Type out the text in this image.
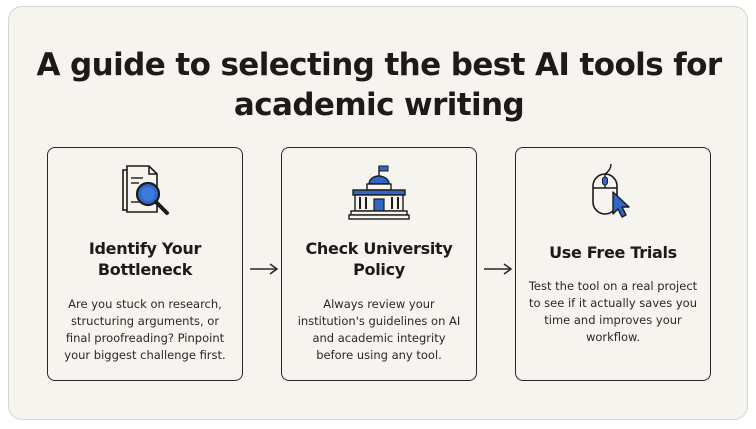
A guide to selecting the best AI tools for academic writing
Identify Your Bottleneck

Are you stuck on research, structuring arguments, or final proofreading? Pinpoint your biggest challenge first.

Check University Policy

Always review your institution's guidelines on AI and academic integrity before using any tool.

Use Free Trials

Test the tool on a real project to see if it actually saves you time and improves your workflow.
